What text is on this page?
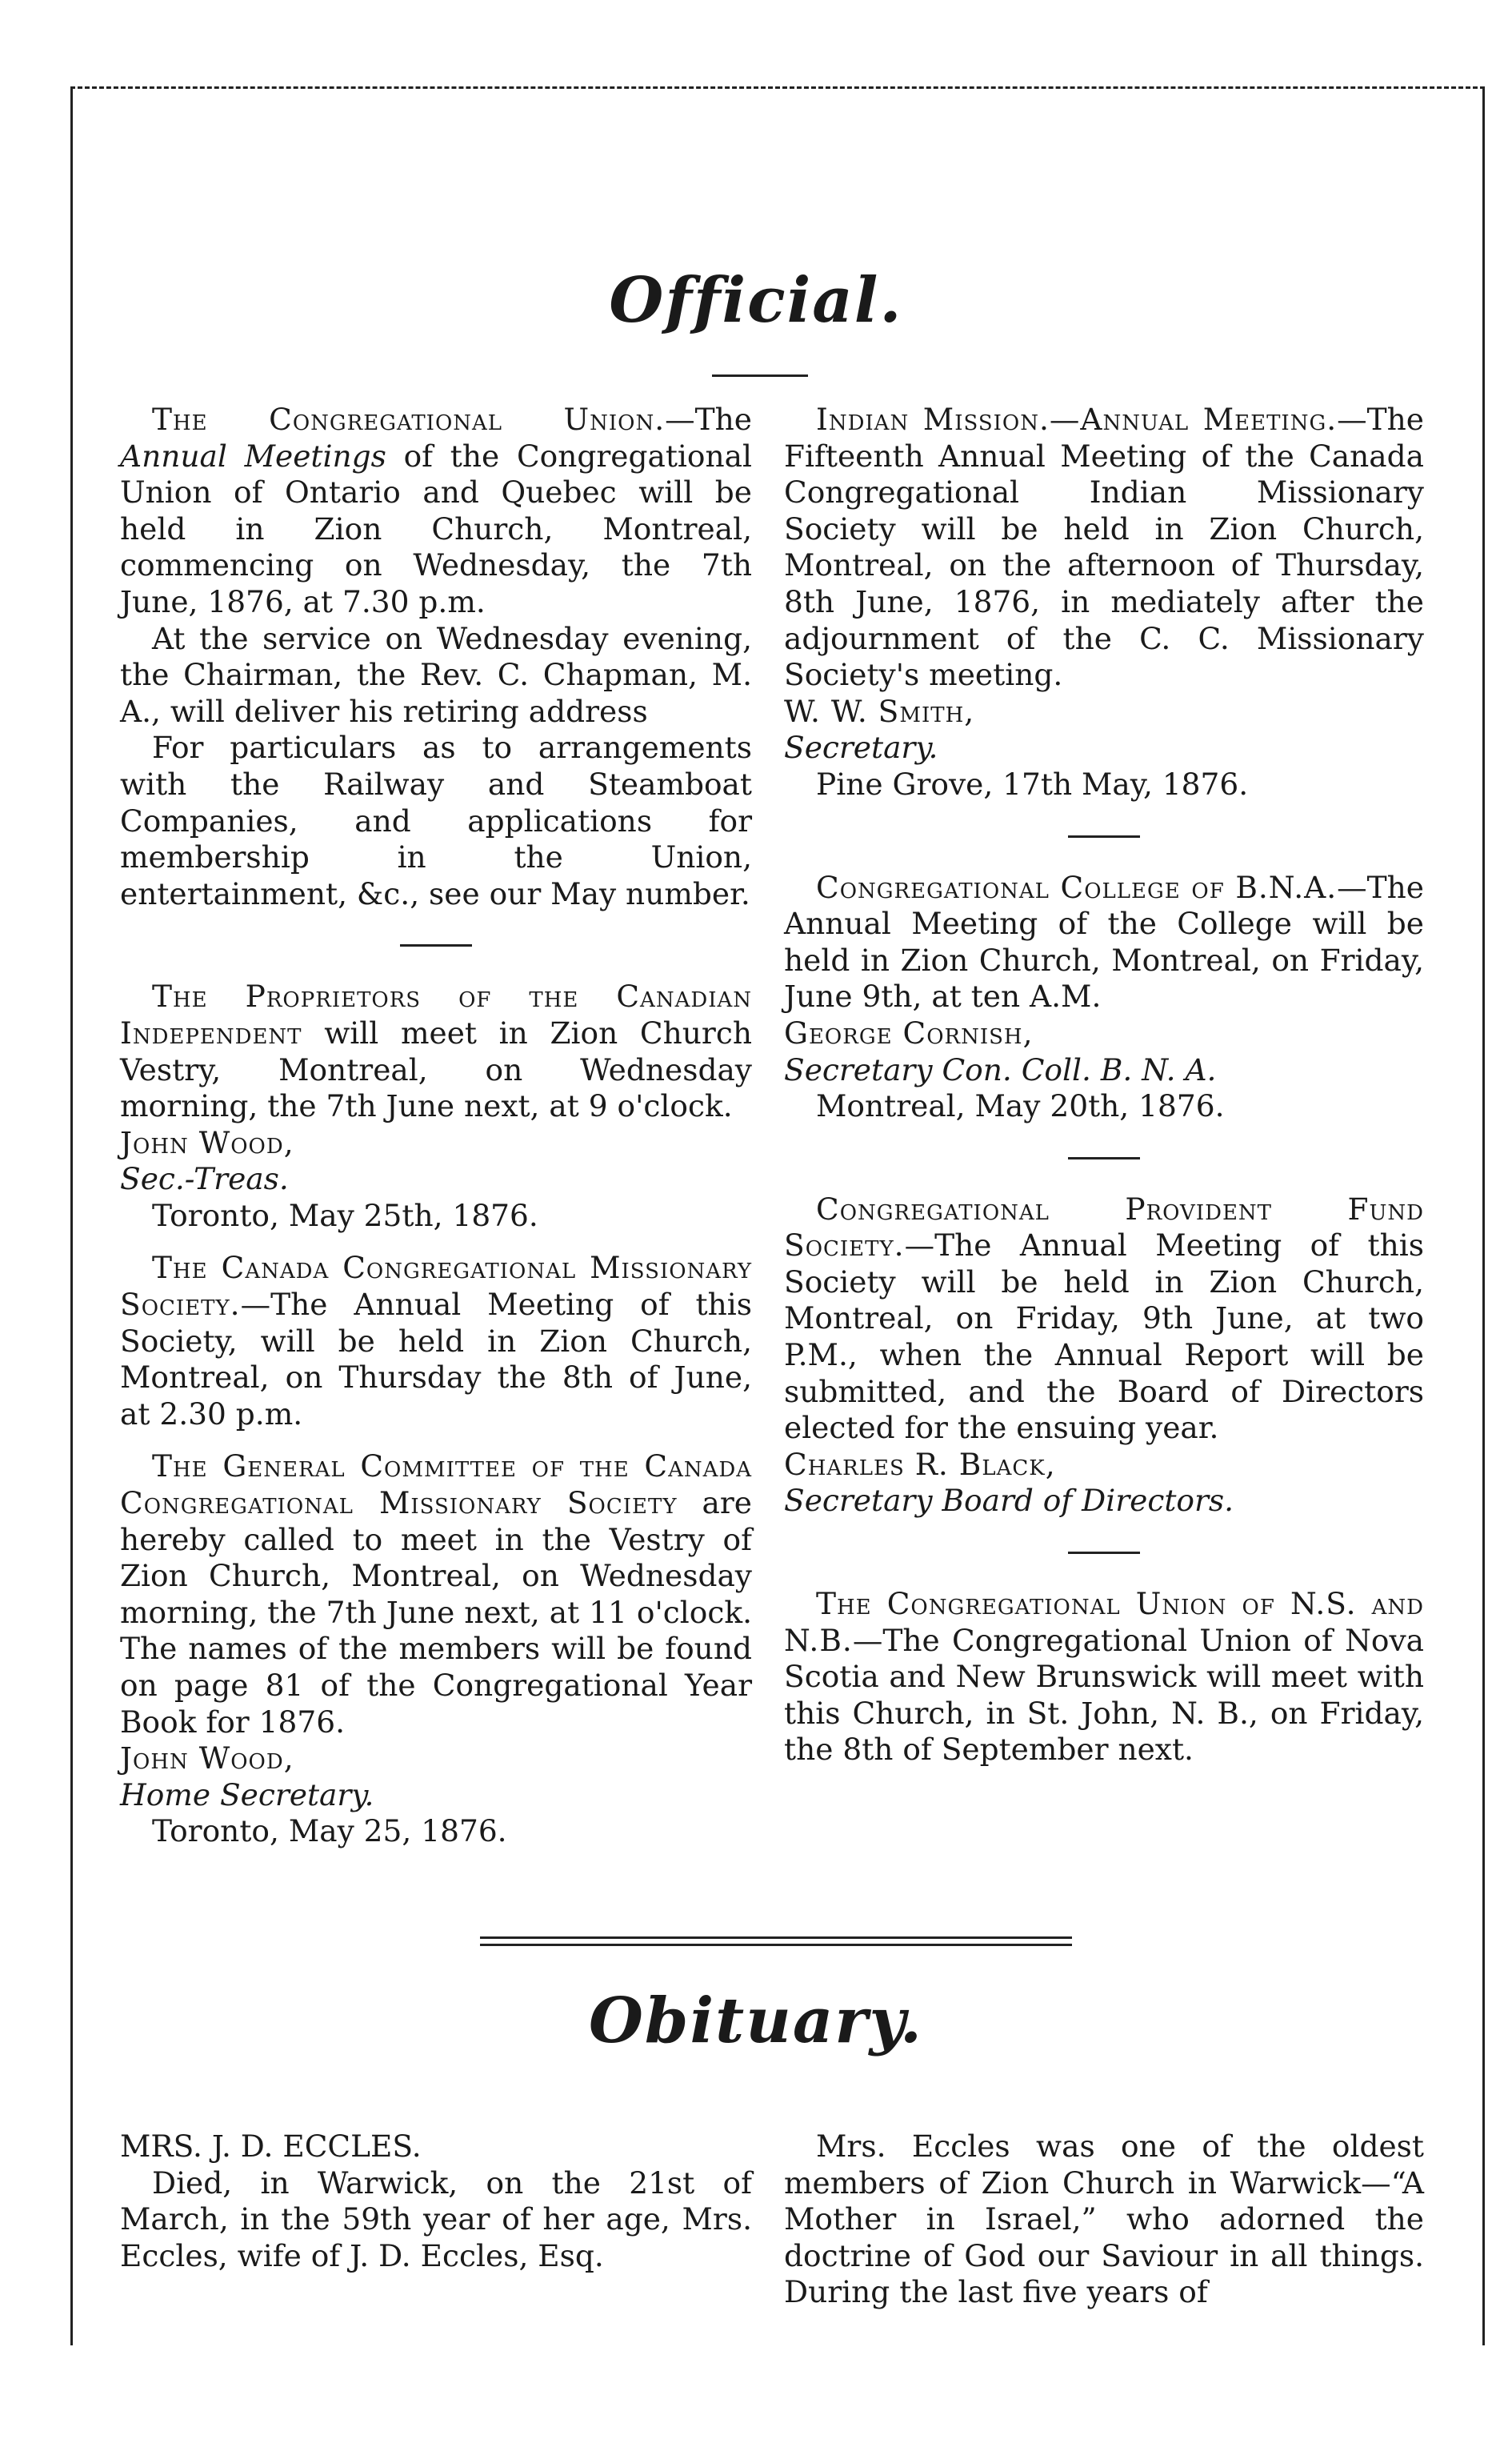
Official.

The Congregational Union.—The Annual Meetings of the Congregational Union of Ontario and Quebec will be held in Zion Church, Montreal, commencing on Wednesday, the 7th June, 1876, at 7.30 p.m.

At the service on Wednesday evening, the Chairman, the Rev. C. Chapman, M. A., will deliver his retiring address

For particulars as to arrangements with the Railway and Steamboat Companies, and applications for membership in the Union, entertainment, &c., see our May number.

The Proprietors of the Canadian Independent will meet in Zion Church Vestry, Montreal, on Wednesday morning, the 7th June next, at 9 o'clock.

John Wood,

Sec.-Treas.

Toronto, May 25th, 1876.

The Canada Congregational Missionary Society.—The Annual Meeting of this Society, will be held in Zion Church, Montreal, on Thursday the 8th of June, at 2.30 p.m.

The General Committee of the Canada Congregational Missionary Society are hereby called to meet in the Vestry of Zion Church, Montreal, on Wednesday morning, the 7th June next, at 11 o'clock. The names of the members will be found on page 81 of the Congregational Year Book for 1876.

John Wood,

Home Secretary.

Toronto, May 25, 1876.

Indian Mission.—Annual Meeting.—The Fifteenth Annual Meeting of the Canada Congregational Indian Missionary Society will be held in Zion Church, Montreal, on the afternoon of Thursday, 8th June, 1876, in mediately after the adjournment of the C. C. Missionary Society's meeting.

W. W. Smith,

Secretary.

Pine Grove, 17th May, 1876.

Congregational College of B.N.A.—The Annual Meeting of the College will be held in Zion Church, Montreal, on Friday, June 9th, at ten A.M.

George Cornish,

Secretary Con. Coll. B. N. A.

Montreal, May 20th, 1876.

Congregational Provident Fund Society.—The Annual Meeting of this Society will be held in Zion Church, Montreal, on Friday, 9th June, at two P.M., when the Annual Report will be submitted, and the Board of Directors elected for the ensuing year.

Charles R. Black,

Secretary Board of Directors.

The Congregational Union of N.S. and N.B.—The Congregational Union of Nova Scotia and New Brunswick will meet with this Church, in St. John, N. B., on Friday, the 8th of September next.

Obituary.

MRS. J. D. ECCLES.

Died, in Warwick, on the 21st of March, in the 59th year of her age, Mrs. Eccles, wife of J. D. Eccles, Esq.

Mrs. Eccles was one of the oldest members of Zion Church in Warwick—“A Mother in Israel,” who adorned the doctrine of God our Saviour in all things. During the last five years of
